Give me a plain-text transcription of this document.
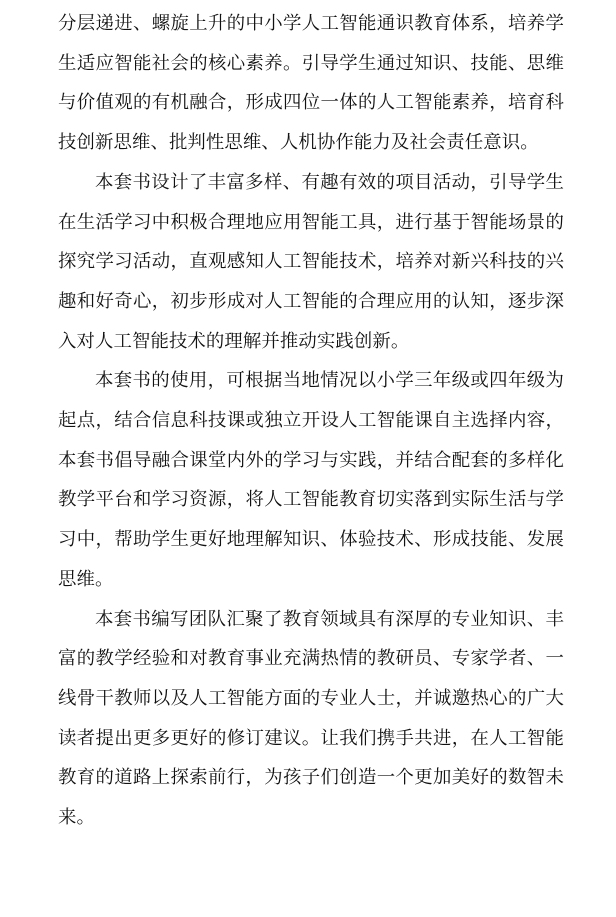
分层递进、螺旋上升的中小学人工智能通识教育体系，培养学生适应智能社会的核心素养。引导学生通过知识、技能、思维与价值观的有机融合，形成四位一体的人工智能素养，培育科技创新思维、批判性思维、人机协作能力及社会责任意识。

本套书设计了丰富多样、有趣有效的项目活动，引导学生在生活学习中积极合理地应用智能工具，进行基于智能场景的探究学习活动，直观感知人工智能技术，培养对新兴科技的兴趣和好奇心，初步形成对人工智能的合理应用的认知，逐步深入对人工智能技术的理解并推动实践创新。

本套书的使用，可根据当地情况以小学三年级或四年级为起点，结合信息科技课或独立开设人工智能课自主选择内容，本套书倡导融合课堂内外的学习与实践，并结合配套的多样化教学平台和学习资源，将人工智能教育切实落到实际生活与学习中，帮助学生更好地理解知识、体验技术、形成技能、发展思维。

本套书编写团队汇聚了教育领域具有深厚的专业知识、丰富的教学经验和对教育事业充满热情的教研员、专家学者、一线骨干教师以及人工智能方面的专业人士，并诚邀热心的广大读者提出更多更好的修订建议。让我们携手共进，在人工智能教育的道路上探索前行，为孩子们创造一个更加美好的数智未来。
